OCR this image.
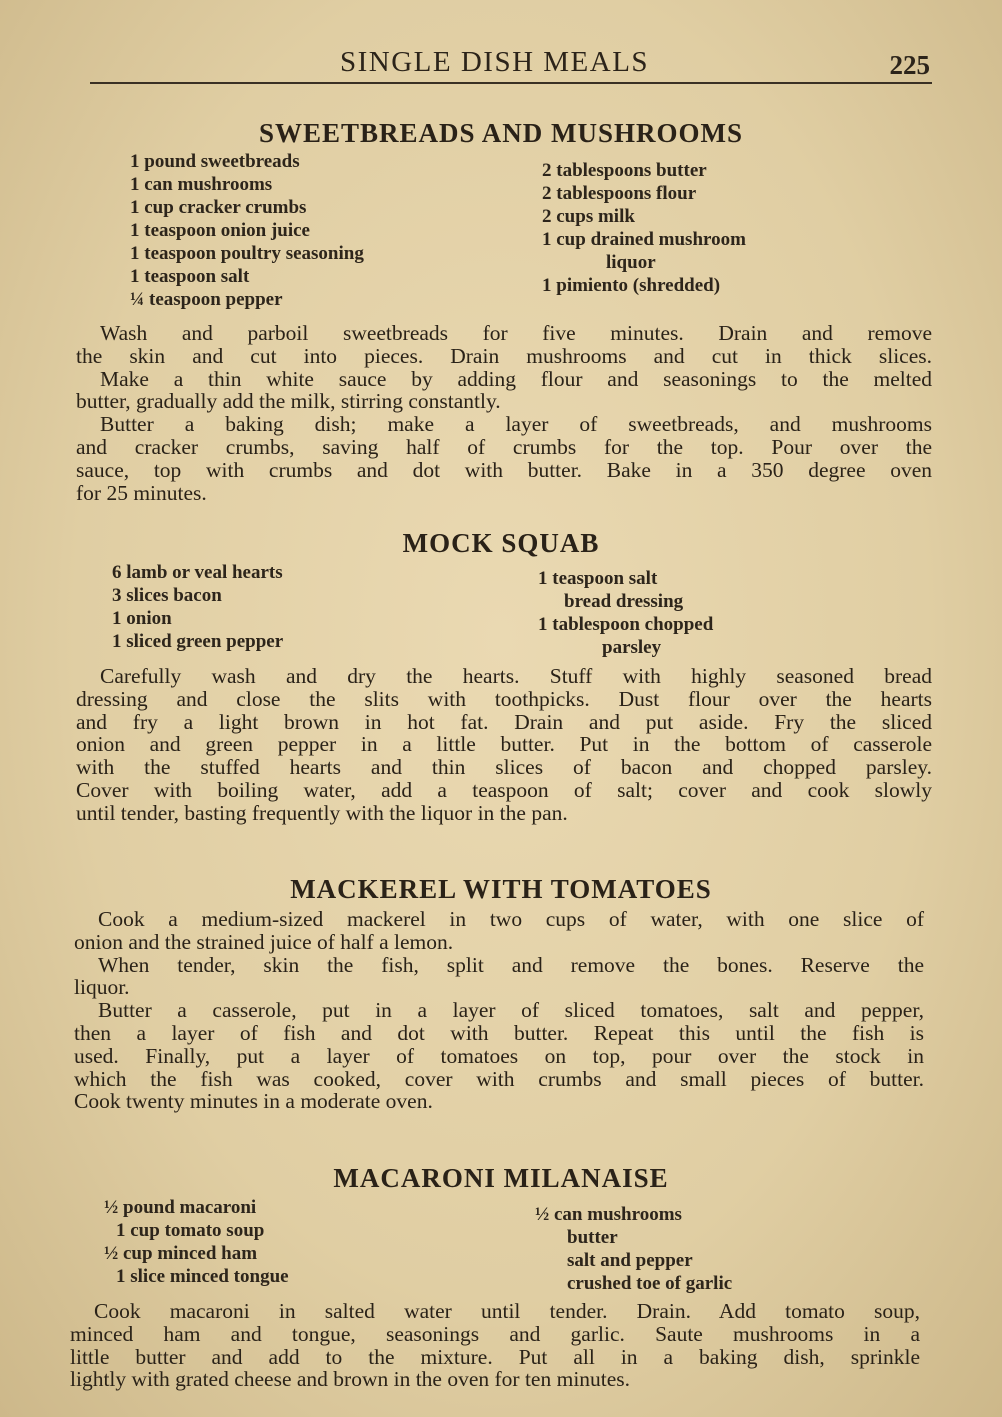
SINGLE DISH MEALS	225
SWEETBREADS AND MUSHROOMS
1 pound sweetbreads
1 can mushrooms
1 cup cracker crumbs
1 teaspoon onion juice
1 teaspoon poultry seasoning
1 teaspoon salt
¼ teaspoon pepper
2 tablespoons butter
2 tablespoons flour
2 cups milk
1 cup drained mushroom
liquor
1 pimiento (shredded)
Wash and parboil sweetbreads for five minutes. Drain and remove
the skin and cut into pieces. Drain mushrooms and cut in thick slices.
Make a thin white sauce by adding flour and seasonings to the melted
butter, gradually add the milk, stirring constantly.
Butter a baking dish; make a layer of sweetbreads, and mushrooms
and cracker crumbs, saving half of crumbs for the top. Pour over the
sauce, top with crumbs and dot with butter. Bake in a 350 degree oven
for 25 minutes.
MOCK SQUAB
6 lamb or veal hearts
3 slices bacon
1 onion
1 sliced green pepper
1 teaspoon salt
bread dressing
1 tablespoon chopped
parsley
Carefully wash and dry the hearts. Stuff with highly seasoned bread
dressing and close the slits with toothpicks. Dust flour over the hearts
and fry a light brown in hot fat. Drain and put aside. Fry the sliced
onion and green pepper in a little butter. Put in the bottom of casserole
with the stuffed hearts and thin slices of bacon and chopped parsley.
Cover with boiling water, add a teaspoon of salt; cover and cook slowly
until tender, basting frequently with the liquor in the pan.
MACKEREL WITH TOMATOES
Cook a medium-sized mackerel in two cups of water, with one slice of
onion and the strained juice of half a lemon.
When tender, skin the fish, split and remove the bones. Reserve the
liquor.
Butter a casserole, put in a layer of sliced tomatoes, salt and pepper,
then a layer of fish and dot with butter. Repeat this until the fish is
used. Finally, put a layer of tomatoes on top, pour over the stock in
which the fish was cooked, cover with crumbs and small pieces of butter.
Cook twenty minutes in a moderate oven.
MACARONI MILANAISE
½ pound macaroni
1 cup tomato soup
½ cup minced ham
1 slice minced tongue
½ can mushrooms
butter
salt and pepper
crushed toe of garlic
Cook macaroni in salted water until tender. Drain. Add tomato soup,
minced ham and tongue, seasonings and garlic. Saute mushrooms in a
little butter and add to the mixture. Put all in a baking dish, sprinkle
lightly with grated cheese and brown in the oven for ten minutes.
